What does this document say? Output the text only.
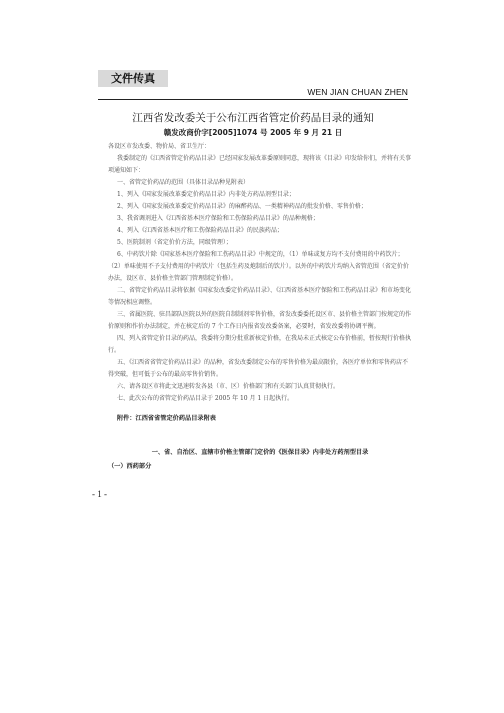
文件传真
WEN JIAN CHUAN ZHEN
江西省发改委关于公布江西省管定价药品目录的通知
赣发改商价字[2005]1074 号 2005 年 9 月 21 日

各设区市发改委、物价局、省卫生厅：

我委制定的《江西省管定价药品目录》已经国家发展改革委原则同意，现将该《目录》印发给你们，并将有关事项通知如下：

一、省管定价药品的范围（具体目录品种见附表）

1、列入《国家发展改革委定价药品目录》内非处方药品剂型目录；

2、列入《国家发展改革委定价药品目录》的麻醉药品、一类精神药品的批发价格、零售价格；

3、我省调剂进入《江西省基本医疗保险和工伤保险药品目录》的品种规格；

4、列入《江西省基本医疗和工伤保险药品目录》的民族药品；

5、医院制剂（省定价价方法，同级管理）；

6、中药饮片除《国家基本医疗保险和工伤药品目录》中规定的，（1）单味或复方均不支付费用的中药饮片；（2）单味使用不予支付费用的中药饮片（包括生药及炮制后的饮片）。以外的中药饮片均纳入省管范围（省定价价办法，设区市、县价格主管部门管理制定价格）。

二、省管定价药品目录将依据《国家发改委定价药品目录》、《江西省基本医疗保险和工伤药品目录》和市场变化等情况相应调整。

三、省属医院、驻昌部队医院以外的医院自制制剂零售价格，省发改委委托设区市、县价格主管部门按规定的作价原则和作价办法制定，并在核定后的 7 个工作日内报省发改委备案，必要时，省发改委将协调平衡。

四、列入省管定价目录的药品，我委将分期分批重新核定价格，在我局未正式核定公布价格前，暂按现行价格执行。

五、《江西省省管定价药品目录》的品种，省发改委制定公布的零售价格为最高限价，各医疗单位和零售药店不得突破，但可低于公布的最高零售价销售。

六、请各设区市将此文迅速转发各县（市、区）价格部门和有关部门认真贯彻执行。

七、此次公布的省管定价药品目录于 2005 年 10 月 1 日起执行。

附件：江西省省管定价药品目录附表
一、省、自治区、直辖市价格主管部门定价的《医保目录》内非处方药剂型目录
（一）西药部分
- 1 -
